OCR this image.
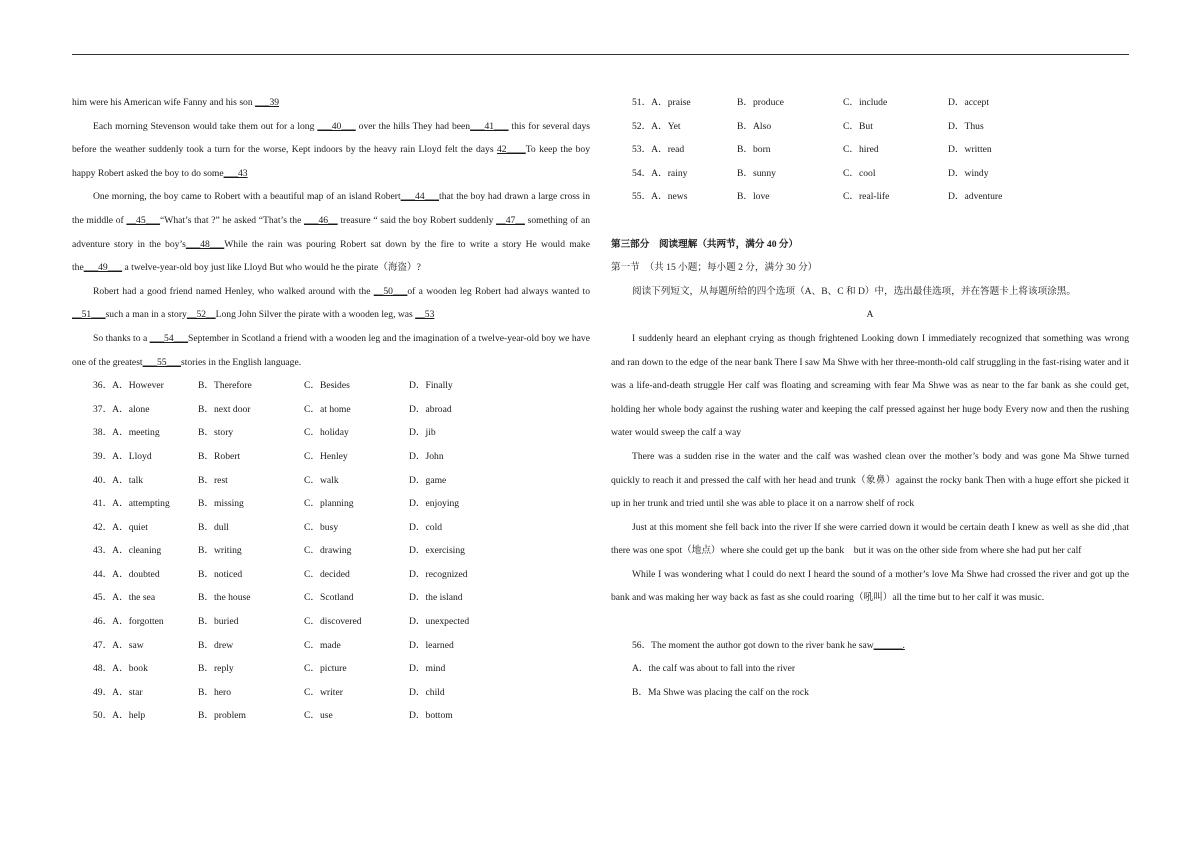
him were his American wife Fanny and his son ___39

Each morning Stevenson would take them out for a long ___40___ over the hills They had been___41___ this for several days before the weather suddenly took a turn for the worse, Kept indoors by the heavy rain Lloyd felt the days 42____To keep the boy happy Robert asked the boy to do some___43

One morning, the boy came to Robert with a beautiful map of an island Robert___44___that the boy had drawn a large cross in the middle of __45___“What’s that ?” he asked “That’s the ___46__ treasure “ said the boy Robert suddenly __47__ something of an adventure story in the boy’s___48___While the rain was pouring Robert sat down by the fire to write a story He would make the___49___ a twelve-year-old boy just like Lloyd But who would he the pirate（海盗）?

Robert had a good friend named Henley, who walked around with the __50___of a wooden leg Robert had always wanted to __51___such a man in a story__52__Long John Silver the pirate with a wooden leg, was __53

So thanks to a ___54___September in Scotland a friend with a wooden leg and the imagination of a twelve-year-old boy we have one of the greatest___55___stories in the English language.

36．A．However	B．Therefore	C．Besides	D．Finally
37．A．alone	B．next door	C．at home	D．abroad
38．A．meeting	B．story	C．holiday	D．jib
39．A．Lloyd	B．Robert	C．Henley	D．John
40．A．talk	B．rest	C．walk	D．game
41．A．attempting	B．missing	C．planning	D．enjoying
42．A．quiet	B．dull	C．busy	D．cold
43．A．cleaning	B．writing	C．drawing	D．exercising
44．A．doubted	B．noticed	C．decided	D．recognized
45．A．the sea	B．the house	C．Scotland	D．the island
46．A．forgotten	B．buried	C．discovered	D．unexpected
47．A．saw	B．drew	C．made	D．learned
48．A．book	B．reply	C．picture	D．mind
49．A．star	B．hero	C．writer	D．child
50．A．help	B．problem	C．use	D．bottom
51．A．praise	B．produce	C．include	D．accept
52．A．Yet	B．Also	C．But	D．Thus
53．A．read	B．born	C．hired	D．written
54．A．rainy	B．sunny	C．cool	D．windy
55．A．news	B．love	C．real-life	D．adventure

第三部分　阅读理解（共两节，满分 40 分）

第一节　（共 15 小题；每小题 2 分，满分 30 分）

阅读下列短文，从每题所给的四个选项（A、B、C 和 D）中，选出最佳选项，并在答题卡上将该项涂黑。

A

I suddenly heard an elephant crying as though frightened Looking down I immediately recognized that something was wrong and ran down to the edge of the near bank There I saw Ma Shwe with her three-month-old calf struggling in the fast-rising water and it was a life-and-death struggle Her calf was floating and screaming with fear Ma Shwe was as near to the far bank as she could get, holding her whole body against the rushing water and keeping the calf pressed against her huge body Every now and then the rushing water would sweep the calf a way

There was a sudden rise in the water and the calf was washed clean over the mother’s body and was gone Ma Shwe turned quickly to reach it and pressed the calf with her head and trunk（象鼻）against the rocky bank Then with a huge effort she picked it up in her trunk and tried until she was able to place it on a narrow shelf of rock

Just at this moment she fell back into the river If she were carried down it would be certain death I knew as well as she did ,that there was one spot（地点）where she could get up the bank　but it was on the other side from where she had put her calf

While I was wondering what I could do next I heard the sound of a mother’s love Ma Shwe had crossed the river and got up the bank and was making her way back as fast as she could roaring（吼叫）all the time but to her calf it was music.

56．The moment the author got down to the river bank he saw______.

A．the calf was about to fall into the river

B．Ma Shwe was placing the calf on the rock
